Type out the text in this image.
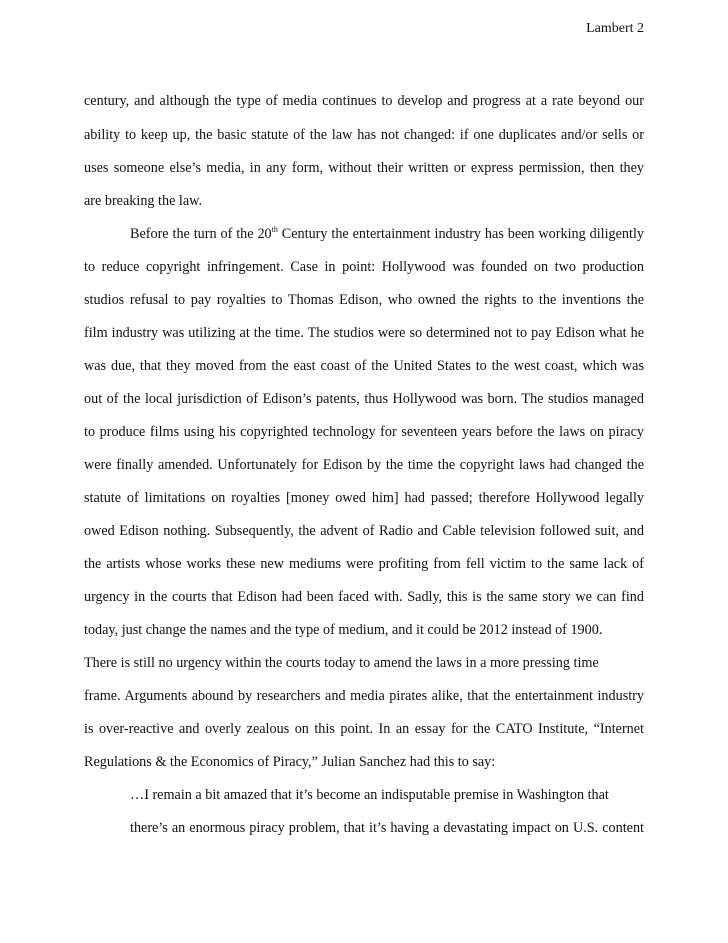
Lambert 2
century, and although the type of media continues to develop and progress at a rate beyond our
ability to keep up, the basic statute of the law has not changed: if one duplicates and/or sells or
uses someone else’s media, in any form, without their written or express permission, then they
are breaking the law.
Before the turn of the 20th Century the entertainment industry has been working diligently
to reduce copyright infringement. Case in point: Hollywood was founded on two production
studios refusal to pay royalties to Thomas Edison, who owned the rights to the inventions the
film industry was utilizing at the time. The studios were so determined not to pay Edison what he
was due, that they moved from the east coast of the United States to the west coast, which was
out of the local jurisdiction of Edison’s patents, thus Hollywood was born. The studios managed
to produce films using his copyrighted technology for seventeen years before the laws on piracy
were finally amended. Unfortunately for Edison by the time the copyright laws had changed the
statute of limitations on royalties [money owed him] had passed; therefore Hollywood legally
owed Edison nothing. Subsequently, the advent of Radio and Cable television followed suit, and
the artists whose works these new mediums were profiting from fell victim to the same lack of
urgency in the courts that Edison had been faced with. Sadly, this is the same story we can find
today, just change the names and the type of medium, and it could be 2012 instead of 1900.
There is still no urgency within the courts today to amend the laws in a more pressing time
frame. Arguments abound by researchers and media pirates alike, that the entertainment industry
is over-reactive and overly zealous on this point. In an essay for the CATO Institute, “Internet
Regulations & the Economics of Piracy,” Julian Sanchez had this to say:
…I remain a bit amazed that it’s become an indisputable premise in Washington that
there’s an enormous piracy problem, that it’s having a devastating impact on U.S. content
